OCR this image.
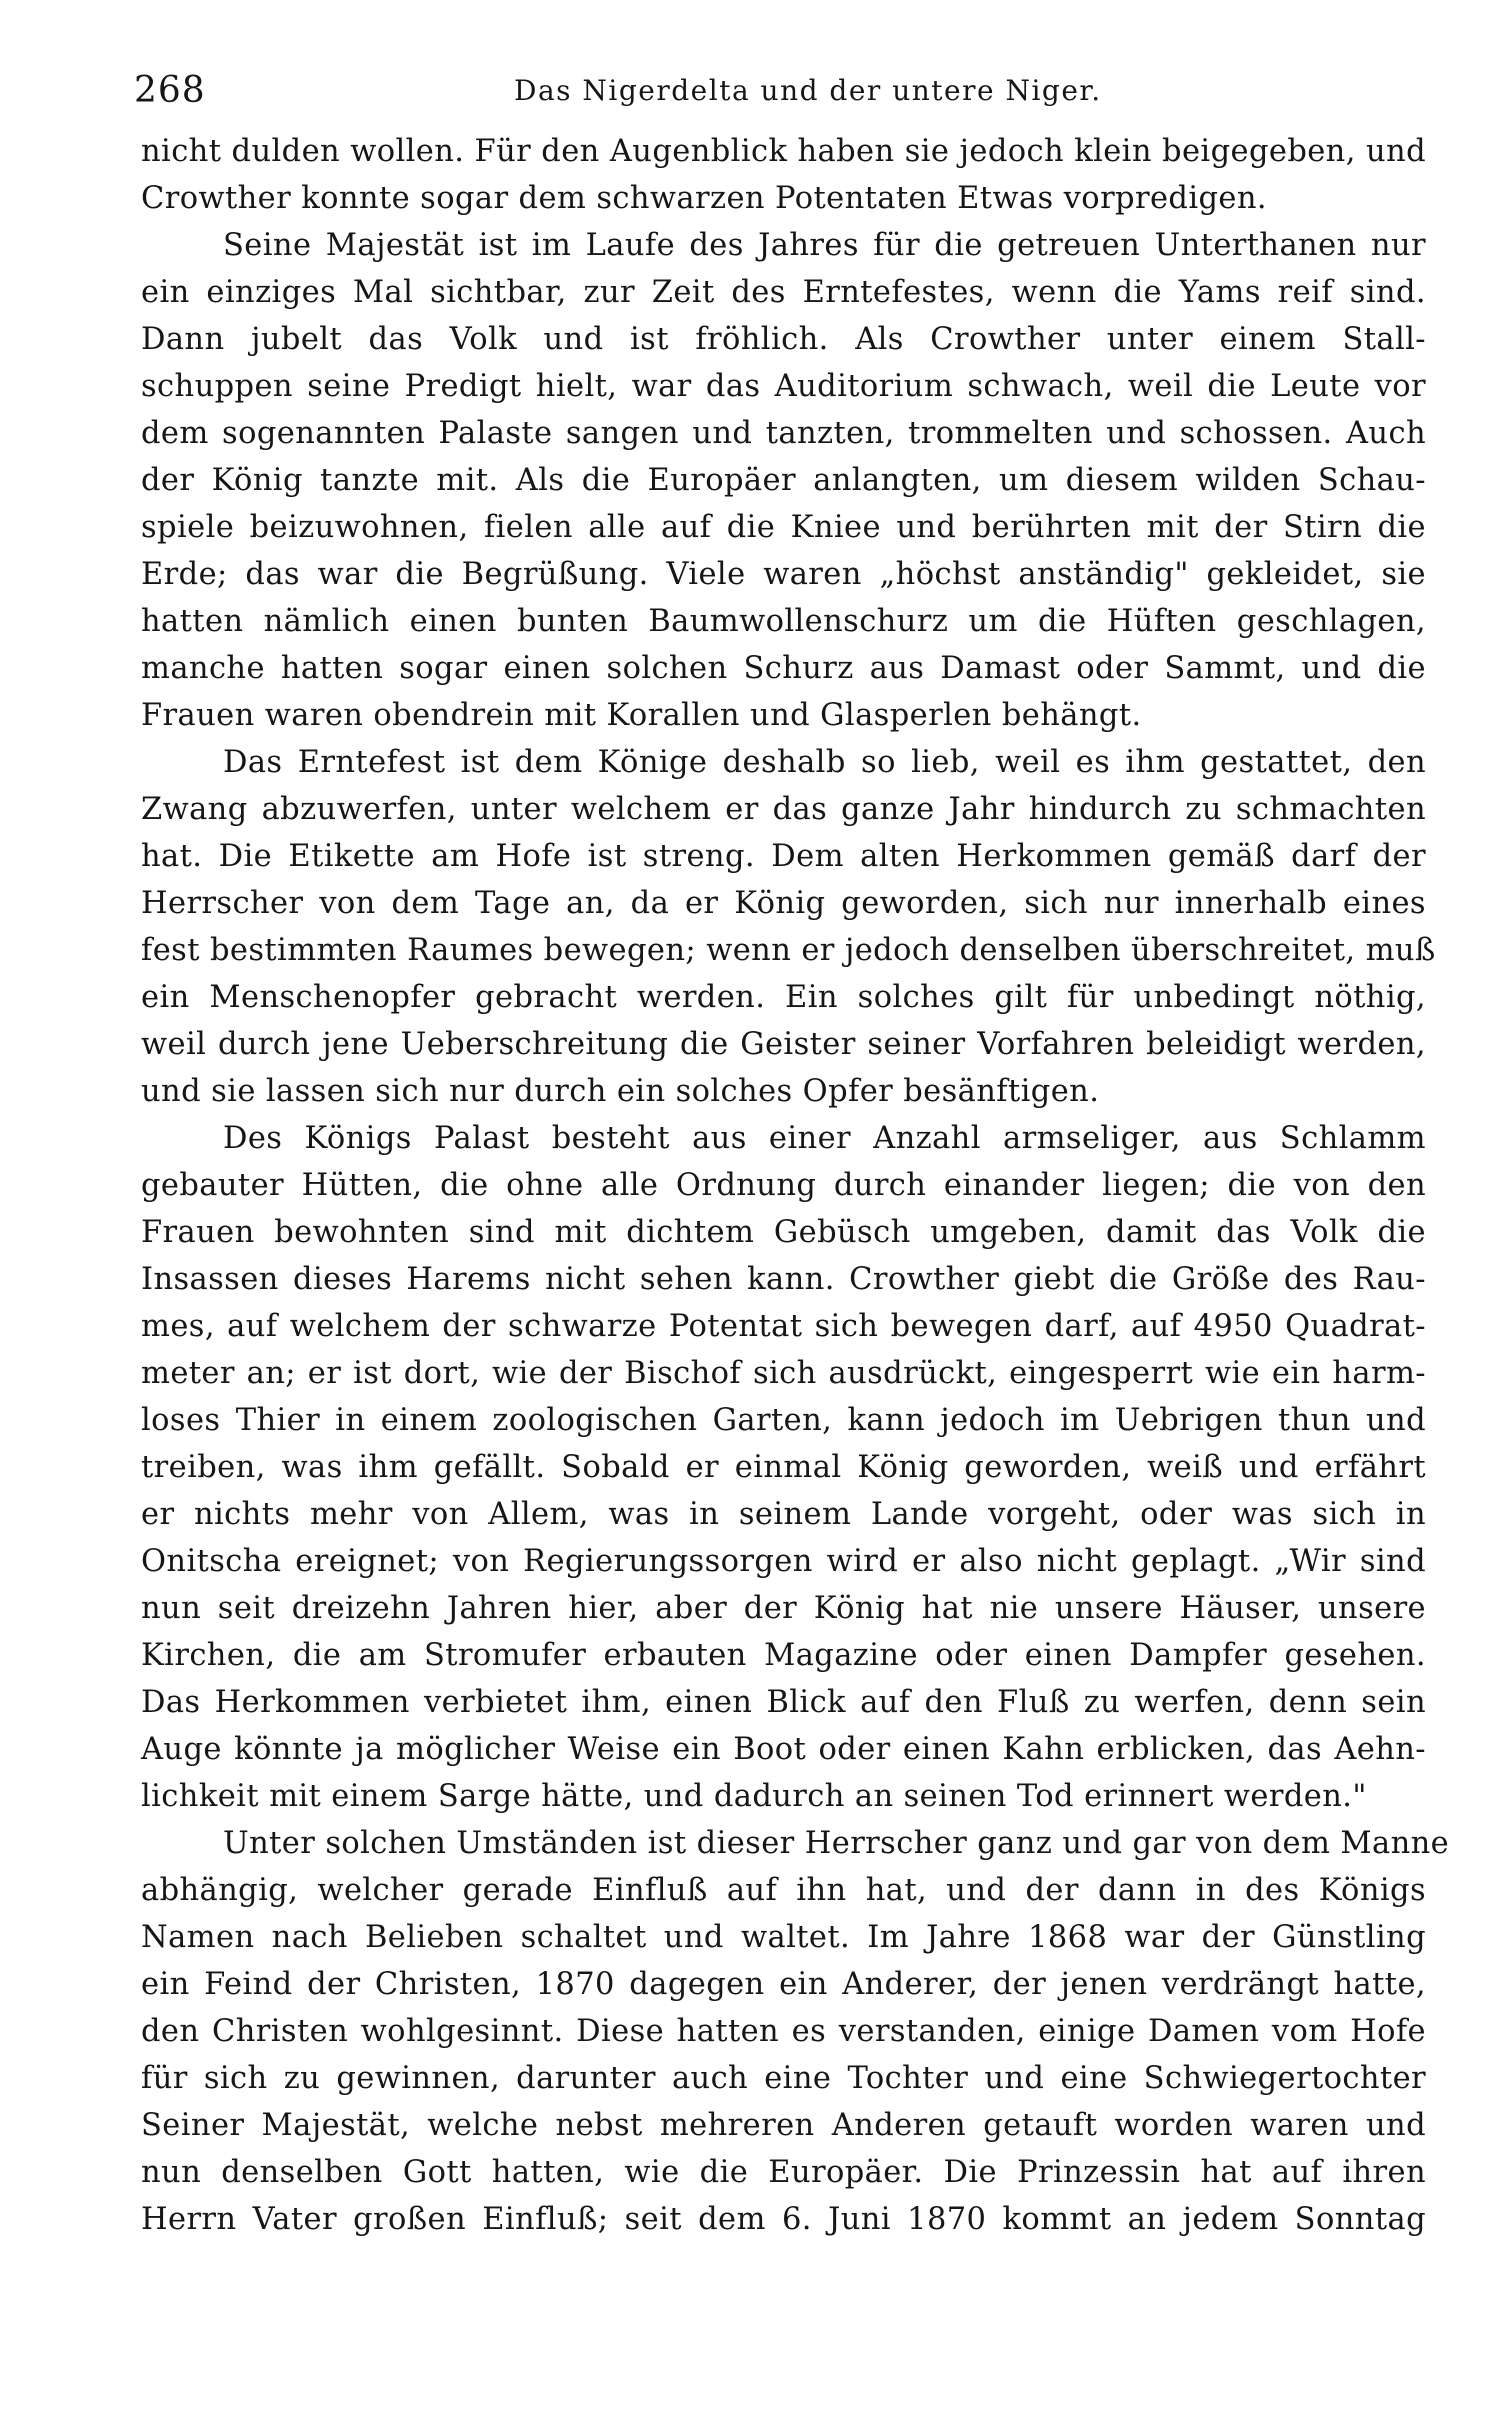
268	Das Nigerdelta und der untere Niger.
nicht dulden wollen. Für den Augenblick haben sie jedoch klein beigegeben, und
Crowther konnte sogar dem schwarzen Potentaten Etwas vorpredigen.
Seine Majestät ist im Laufe des Jahres für die getreuen Unterthanen nur
ein einziges Mal sichtbar, zur Zeit des Erntefestes, wenn die Yams reif sind.
Dann jubelt das Volk und ist fröhlich. Als Crowther unter einem Stall-
schuppen seine Predigt hielt, war das Auditorium schwach, weil die Leute vor
dem sogenannten Palaste sangen und tanzten, trommelten und schossen. Auch
der König tanzte mit. Als die Europäer anlangten, um diesem wilden Schau-
spiele beizuwohnen, fielen alle auf die Kniee und berührten mit der Stirn die
Erde; das war die Begrüßung. Viele waren „höchst anständig" gekleidet, sie
hatten nämlich einen bunten Baumwollenschurz um die Hüften geschlagen,
manche hatten sogar einen solchen Schurz aus Damast oder Sammt, und die
Frauen waren obendrein mit Korallen und Glasperlen behängt.
Das Erntefest ist dem Könige deshalb so lieb, weil es ihm gestattet, den
Zwang abzuwerfen, unter welchem er das ganze Jahr hindurch zu schmachten
hat. Die Etikette am Hofe ist streng. Dem alten Herkommen gemäß darf der
Herrscher von dem Tage an, da er König geworden, sich nur innerhalb eines
fest bestimmten Raumes bewegen; wenn er jedoch denselben überschreitet, muß
ein Menschenopfer gebracht werden. Ein solches gilt für unbedingt nöthig,
weil durch jene Ueberschreitung die Geister seiner Vorfahren beleidigt werden,
und sie lassen sich nur durch ein solches Opfer besänftigen.
Des Königs Palast besteht aus einer Anzahl armseliger, aus Schlamm
gebauter Hütten, die ohne alle Ordnung durch einander liegen; die von den
Frauen bewohnten sind mit dichtem Gebüsch umgeben, damit das Volk die
Insassen dieses Harems nicht sehen kann. Crowther giebt die Größe des Rau-
mes, auf welchem der schwarze Potentat sich bewegen darf, auf 4950 Quadrat-
meter an; er ist dort, wie der Bischof sich ausdrückt, eingesperrt wie ein harm-
loses Thier in einem zoologischen Garten, kann jedoch im Uebrigen thun und
treiben, was ihm gefällt. Sobald er einmal König geworden, weiß und erfährt
er nichts mehr von Allem, was in seinem Lande vorgeht, oder was sich in
Onitscha ereignet; von Regierungssorgen wird er also nicht geplagt. „Wir sind
nun seit dreizehn Jahren hier, aber der König hat nie unsere Häuser, unsere
Kirchen, die am Stromufer erbauten Magazine oder einen Dampfer gesehen.
Das Herkommen verbietet ihm, einen Blick auf den Fluß zu werfen, denn sein
Auge könnte ja möglicher Weise ein Boot oder einen Kahn erblicken, das Aehn-
lichkeit mit einem Sarge hätte, und dadurch an seinen Tod erinnert werden."
Unter solchen Umständen ist dieser Herrscher ganz und gar von dem Manne
abhängig, welcher gerade Einfluß auf ihn hat, und der dann in des Königs
Namen nach Belieben schaltet und waltet. Im Jahre 1868 war der Günstling
ein Feind der Christen, 1870 dagegen ein Anderer, der jenen verdrängt hatte,
den Christen wohlgesinnt. Diese hatten es verstanden, einige Damen vom Hofe
für sich zu gewinnen, darunter auch eine Tochter und eine Schwiegertochter
Seiner Majestät, welche nebst mehreren Anderen getauft worden waren und
nun denselben Gott hatten, wie die Europäer. Die Prinzessin hat auf ihren
Herrn Vater großen Einfluß; seit dem 6. Juni 1870 kommt an jedem Sonntag
